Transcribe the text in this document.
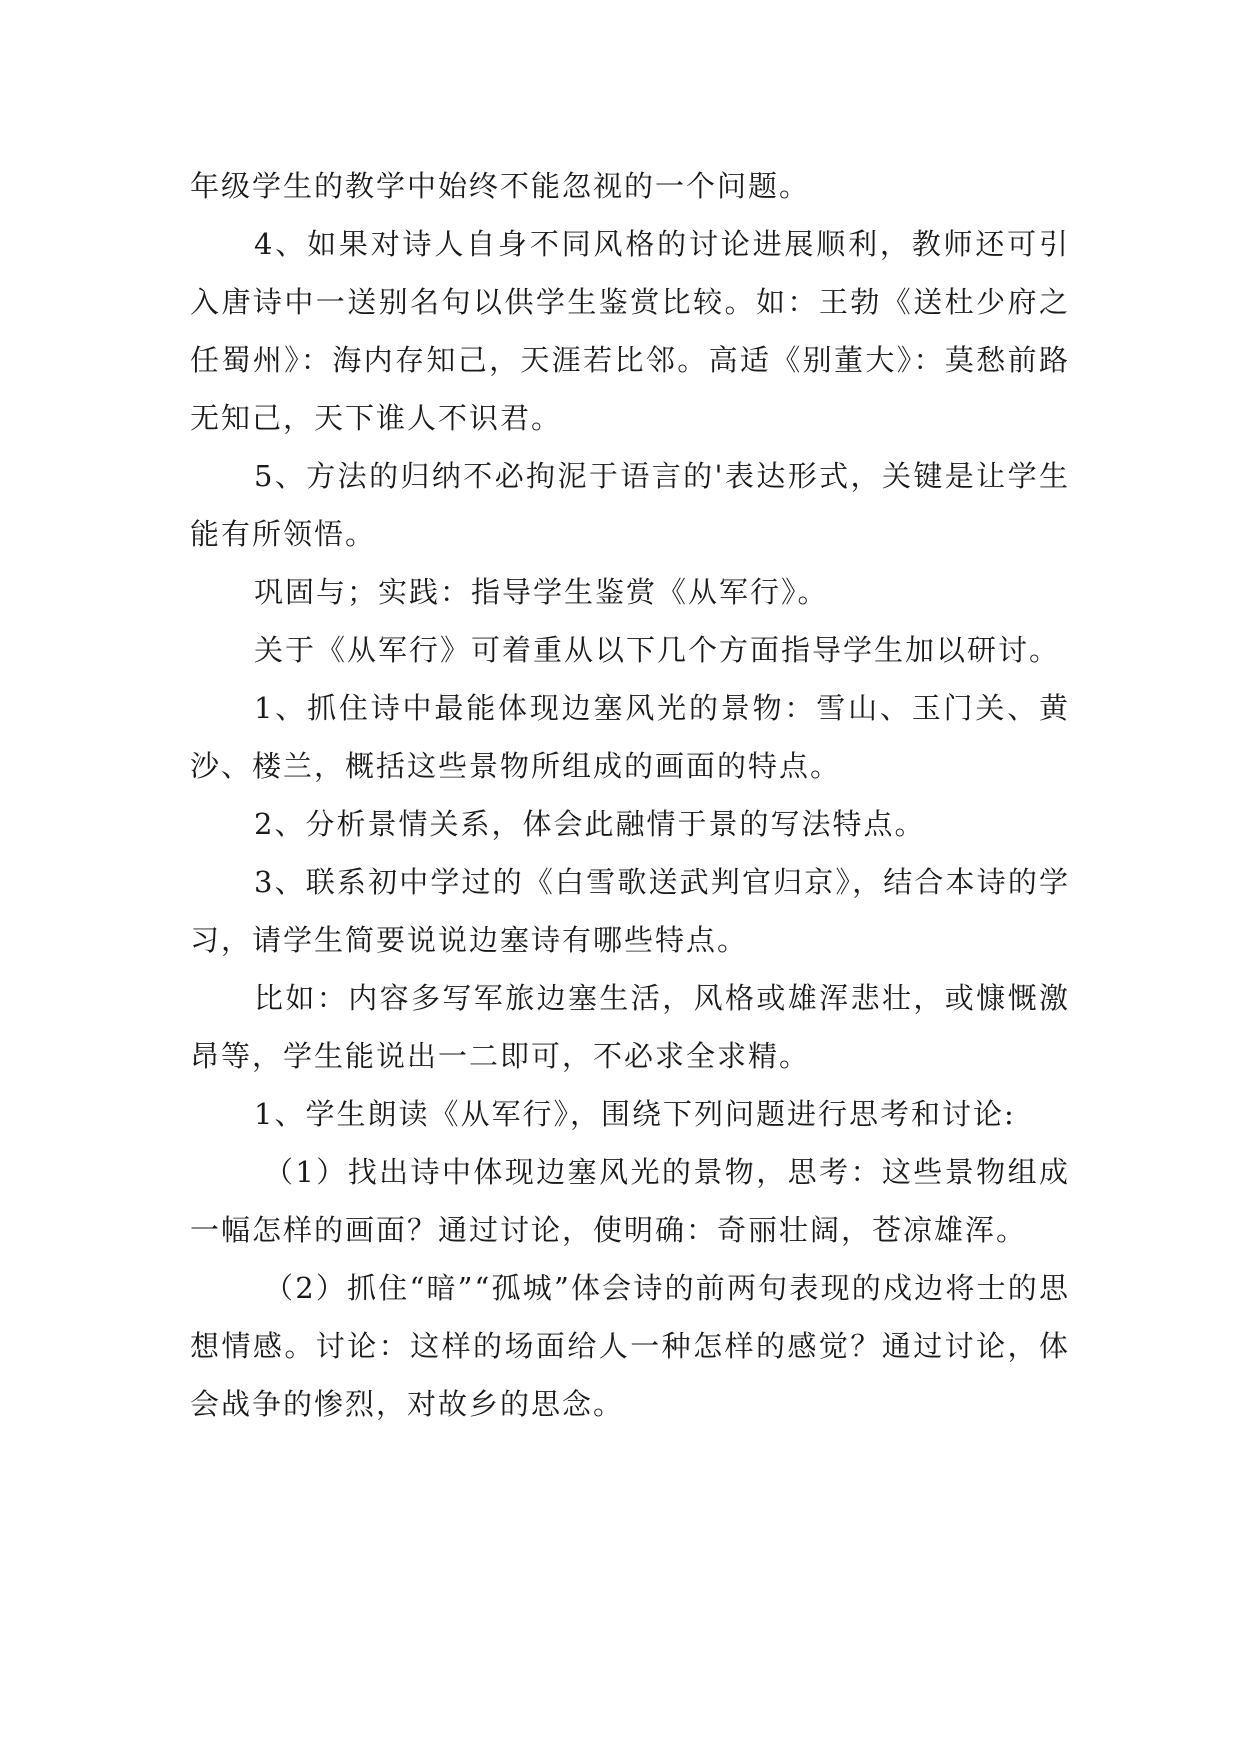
年级学生的教学中始终不能忽视的一个问题。

4、如果对诗人自身不同风格的讨论进展顺利，教师还可引入唐诗中一送别名句以供学生鉴赏比较。如：王勃《送杜少府之任蜀州》：海内存知己，天涯若比邻。高适《别董大》：莫愁前路无知己，天下谁人不识君。

5、方法的归纳不必拘泥于语言的'表达形式，关键是让学生能有所领悟。

巩固与；实践：指导学生鉴赏《从军行》。

关于《从军行》可着重从以下几个方面指导学生加以研讨。

1、抓住诗中最能体现边塞风光的景物：雪山、玉门关、黄沙、楼兰，概括这些景物所组成的画面的特点。

2、分析景情关系，体会此融情于景的写法特点。

3、联系初中学过的《白雪歌送武判官归京》，结合本诗的学习，请学生简要说说边塞诗有哪些特点。

比如：内容多写军旅边塞生活，风格或雄浑悲壮，或慷慨激昂等，学生能说出一二即可，不必求全求精。

1、学生朗读《从军行》，围绕下列问题进行思考和讨论:

（1）找出诗中体现边塞风光的景物，思考：这些景物组成一幅怎样的画面？通过讨论，使明确：奇丽壮阔，苍凉雄浑。

（2）抓住“暗”“孤城”体会诗的前两句表现的戍边将士的思想情感。讨论：这样的场面给人一种怎样的感觉？通过讨论，体会战争的惨烈，对故乡的思念。
